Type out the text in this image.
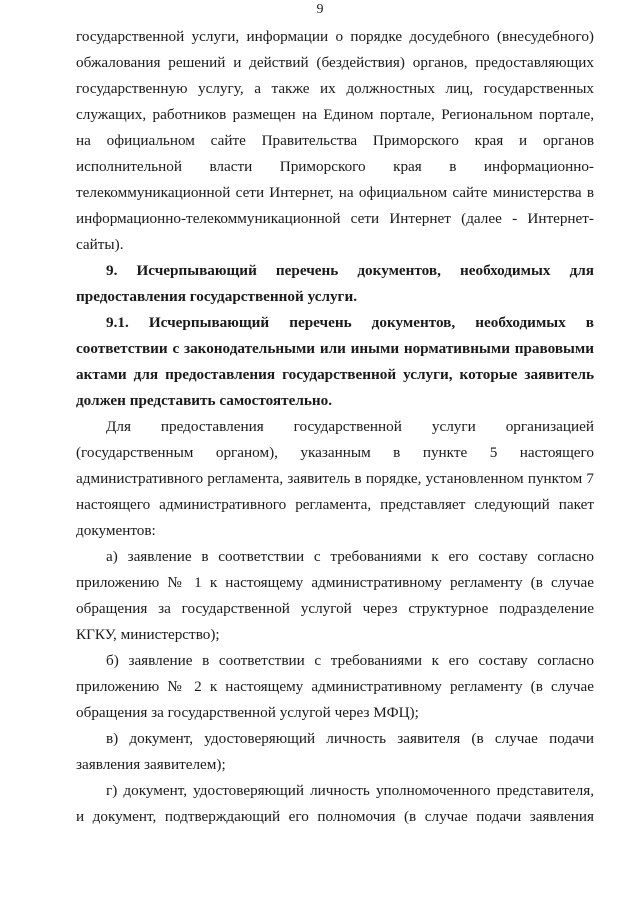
9

государственной услуги, информации о порядке досудебного (внесудебного) обжалования решений и действий (бездействия) органов, предоставляющих государственную услугу, а также их должностных лиц, государственных служащих, работников размещен на Едином портале, Региональном портале, на официальном сайте Правительства Приморского края и органов исполнительной власти Приморского края в информационно-телекоммуникационной сети Интернет, на официальном сайте министерства в информационно-телекоммуникационной сети Интернет (далее - Интернет-сайты).

9. Исчерпывающий перечень документов, необходимых для предоставления государственной услуги.

9.1. Исчерпывающий перечень документов, необходимых в соответствии с законодательными или иными нормативными правовыми актами для предоставления государственной услуги, которые заявитель должен представить самостоятельно.

Для предоставления государственной услуги организацией (государственным органом), указанным в пункте 5 настоящего административного регламента, заявитель в порядке, установленном пунктом 7 настоящего административного регламента, представляет следующий пакет документов:

а) заявление в соответствии с требованиями к его составу согласно приложению № 1 к настоящему административному регламенту (в случае обращения за государственной услугой через структурное подразделение КГКУ, министерство);

б) заявление в соответствии с требованиями к его составу согласно приложению № 2 к настоящему административному регламенту (в случае обращения за государственной услугой через МФЦ);

в) документ, удостоверяющий личность заявителя (в случае подачи заявления заявителем);

г) документ, удостоверяющий личность уполномоченного представителя, и документ, подтверждающий его полномочия (в случае подачи заявления
